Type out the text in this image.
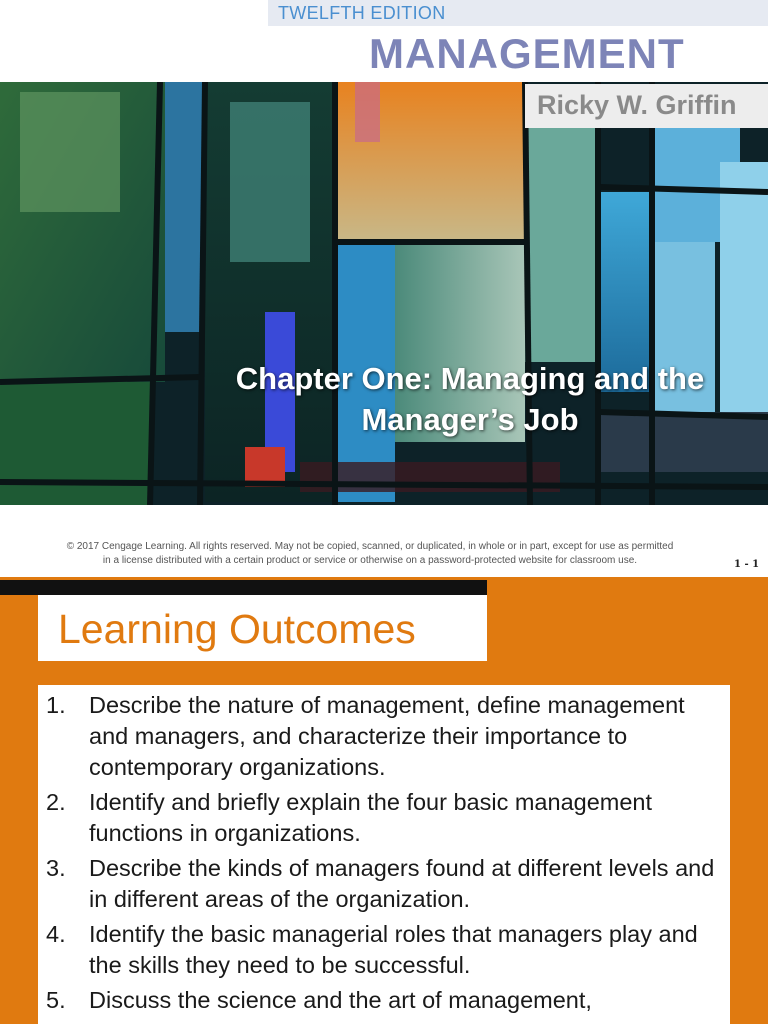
TWELFTH EDITION
MANAGEMENT
Ricky W. Griffin
Chapter One: Managing and the
Manager’s Job
© 2017 Cengage Learning. All rights reserved. May not be copied, scanned, or duplicated, in whole or in part, except for use as permitted
in a license distributed with a certain product or service or otherwise on a password-protected website for classroom use.	1 - 1
Learning Outcomes
1. Describe the nature of management, define management and managers, and characterize their importance to contemporary organizations.
2. Identify and briefly explain the four basic management functions in organizations.
3. Describe the kinds of managers found at different levels and in different areas of the organization.
4. Identify the basic managerial roles that managers play and the skills they need to be successful.
5. Discuss the science and the art of management,
